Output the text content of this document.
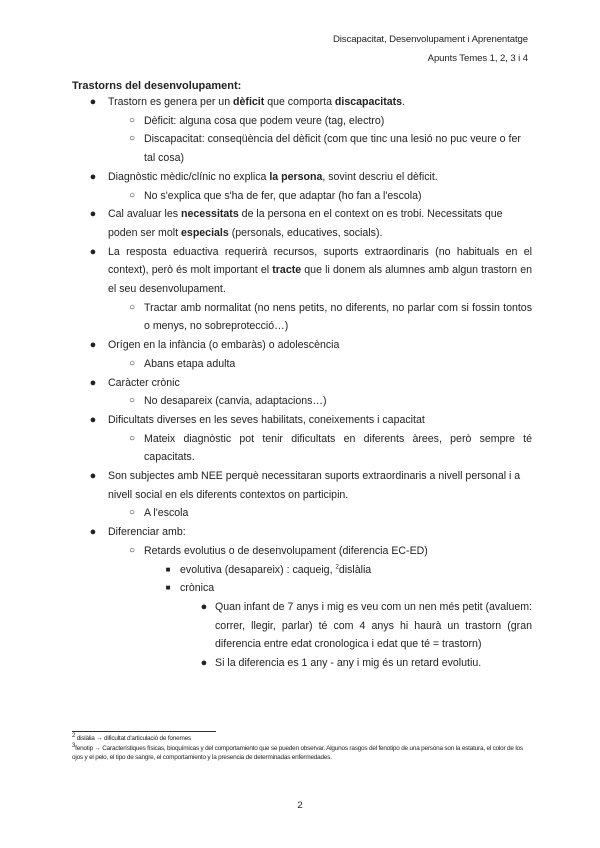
Discapacitat, Desenvolupament i Aprenentatge
Apunts Temes 1, 2, 3 i 4
Trastorns del desenvolupament:
● Trastorn es genera per un dèficit que comporta discapacitats.
○ Dèficit: alguna cosa que podem veure (tag, electro)
○ Discapacitat: conseqüència del dèficit (com que tinc una lesió no puc veure o fer tal cosa)
● Diagnòstic mèdic/clínic no explica la persona, sovint descriu el dèficit.
○ No s'explica que s'ha de fer, que adaptar (ho fan a l'escola)
● Cal avaluar les necessitats de la persona en el context on es trobi. Necessitats que poden ser molt especials (personals, educatives, socials).
● La resposta eduactiva requerirà recursos, suports extraordinaris (no habituals en el context), però és molt important el tracte que li donem als alumnes amb algun trastorn en el seu desenvolupament.
○ Tractar amb normalitat (no nens petits, no diferents, no parlar com si fossin tontos o menys, no sobreprotecció…)
● Orígen en la infància (o embaràs) o adolescència
○ Abans etapa adulta
● Caràcter crònic
○ No desapareix (canvia, adaptacions…)
● Dificultats diverses en les seves habilitats, coneixements i capacitat
○ Mateix diagnòstic pot tenir dificultats en diferents àrees, però sempre té capacitats.
● Son subjectes amb NEE perquè necessitaran suports extraordinaris a nivell personal i a nivell social en els diferents contextos on participin.
○ A l'escola
● Diferenciar amb:
○ Retards evolutius o de desenvolupament (diferencia EC-ED)
■ evolutiva (desapareix) : caqueig, $^2$dislàlia
■ crònica
● Quan infant de 7 anys i mig es veu com un nen més petit (avaluem: correr, llegir, parlar) té com 4 anys hi haurà un trastorn (gran diferencia entre edat cronologica i edat que té = trastorn)
● Si la diferencia es 1 any - any i mig és un retard evolutiu.
$^2$ dislàlia → dificultat d'articulació de fonemes
$^3$fenotip → Característiques físicas, bioquímicas y del comportamiento que se pueden observar. Algunos rasgos del fenotipo de una persona son la estatura, el color de los ojos y el pelo, el tipo de sangre, el comportamiento y la presencia de determinadas enfermedades.
2
